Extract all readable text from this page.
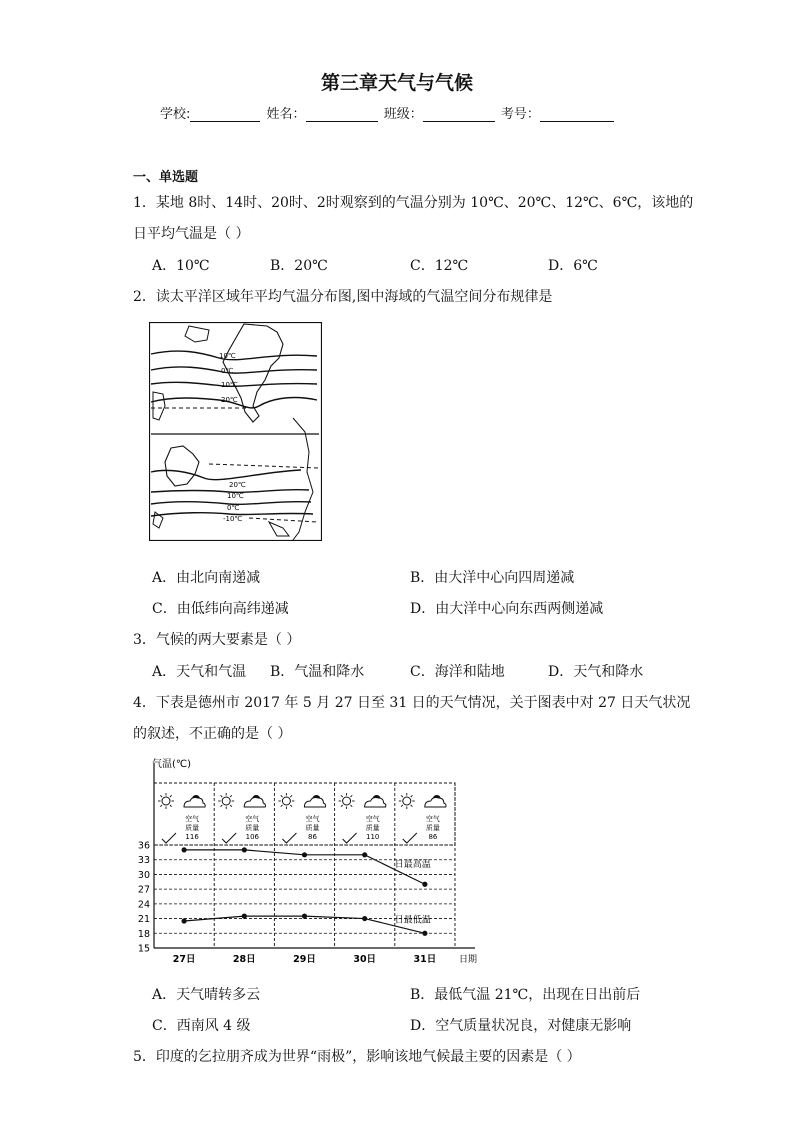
第三章天气与气候
学校:	姓名：	班级：	考号：
一、单选题
1．某地 8时、14时、20时、2时观察到的气温分别为 10℃、20℃、12℃、6℃，该地的
日平均气温是（ ）
A．10℃	B．20℃	C．12℃	D．6℃
2．读太平洋区域年平均气温分布图,图中海域的气温空间分布规律是
10℃
0℃
10℃
20℃
20℃
10℃
0℃
-10℃
A．由北向南递减	B．由大洋中心向四周递减
C．由低纬向高纬递减	D．由大洋中心向东西两侧递减
3．气候的两大要素是（ ）
A．天气和气温 B．气温和降水	C．海洋和陆地	D．天气和降水
4．下表是德州市 2017 年 5 月 27 日至 31 日的天气情况，关于图表中对 27 日天气状况
的叙述，不正确的是（ ）
气温(℃)
日期
15
18
21
24
27
30
33
36
27日	28日	29日	30日	31日
空气
质量
116
空气
质量
106
空气
质量
86
空气
质量
110
空气
质量
86
日最高温
日最低温
A．天气晴转多云	B．最低气温 21℃，出现在日出前后
C．西南风 4 级	D．空气质量状况良，对健康无影响
5．印度的乞拉朋齐成为世界“雨极”，影响该地气候最主要的因素是（ ）
